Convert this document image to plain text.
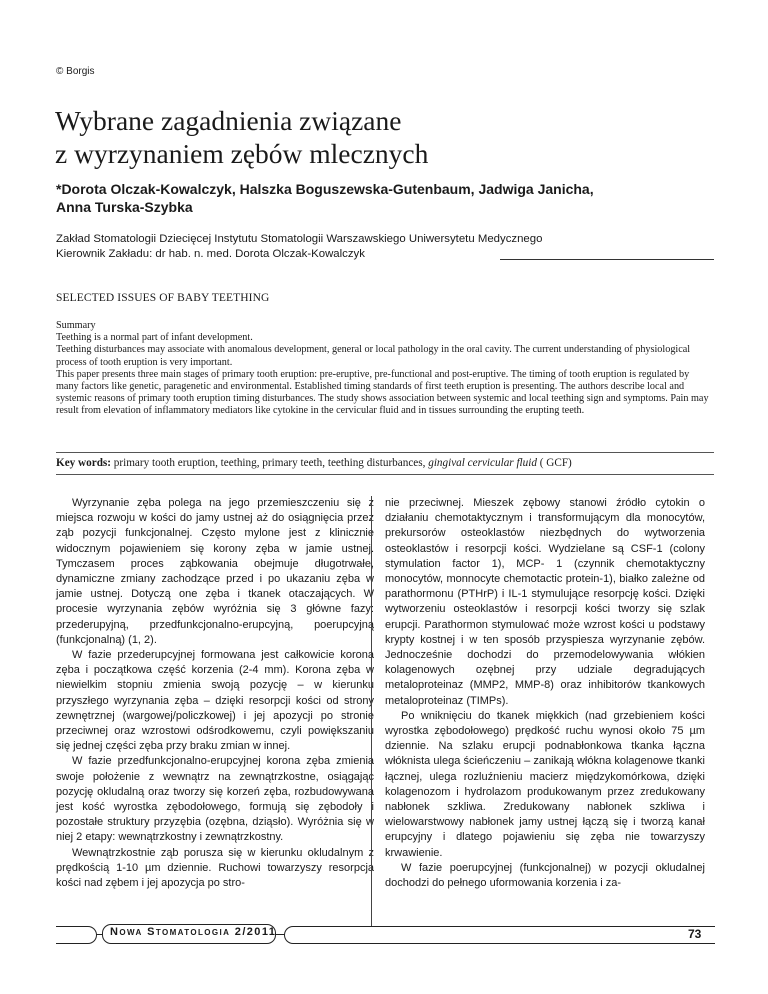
© Borgis
Wybrane zagadnienia związane
z wyrzynaniem zębów mlecznych
*Dorota Olczak-Kowalczyk, Halszka Boguszewska-Gutenbaum, Jadwiga Janicha,
Anna Turska-Szybka
Zakład Stomatologii Dziecięcej Instytutu Stomatologii Warszawskiego Uniwersytetu Medycznego
Kierownik Zakładu: dr hab. n. med. Dorota Olczak-Kowalczyk
SELECTED ISSUES OF BABY TEETHING

Summary

Teething is a normal part of infant development.

Teething disturbances may associate with anomalous development, general or local pathology in the oral cavity. The current understanding of physiological process of tooth eruption is very important.

This paper presents three main stages of primary tooth eruption: pre-eruptive, pre-functional and post-eruptive. The timing of tooth eruption is regulated by many factors like genetic, paragenetic and environmental. Established timing standards of first teeth eruption is presenting. The authors describe local and systemic reasons of primary tooth eruption timing disturbances. The study shows association between systemic and local teething sign and symptoms. Pain may result from elevation of inflammatory mediators like cytokine in the cervicular fluid and in tissues surrounding the erupting teeth.

Key words: primary tooth eruption, teething, primary teeth, teething disturbances, gingival cervicular fluid ( GCF)

Wyrzynanie zęba polega na jego przemieszczeniu się z miejsca rozwoju w kości do jamy ustnej aż do osiągnięcia przez ząb pozycji funkcjonalnej. Często mylone jest z klinicznie widocznym pojawieniem się korony zęba w jamie ustnej. Tymczasem proces ząbkowania obejmuje długotrwałe, dynamiczne zmiany zachodzące przed i po ukazaniu zęba w jamie ustnej. Dotyczą one zęba i tkanek otaczających. W procesie wyrzynania zębów wyróżnia się 3 główne fazy: przederupyjną, przedfunkcjonalno-erupcyjną, poerupcyjną (funkcjonalną) (1, 2).

W fazie przederupcyjnej formowana jest całkowicie korona zęba i początkowa część korzenia (2-4 mm). Korona zęba w niewielkim stopniu zmienia swoją pozycję – w kierunku przyszłego wyrzynania zęba – dzięki resorpcji kości od strony zewnętrznej (wargowej/policzkowej) i jej apozycji po stronie przeciwnej oraz wzrostowi odśrodkowemu, czyli powiększaniu się jednej części zęba przy braku zmian w innej.

W fazie przedfunkcjonalno-erupcyjnej korona zęba zmienia swoje położenie z wewnątrz na zewnątrzkostne, osiągając pozycję okludalną oraz tworzy się korzeń zęba, rozbudowywana jest kość wyrostka zębodołowego, formują się zębodoły i pozostałe struktury przyzębia (ozębna, dziąsło). Wyróżnia się w niej 2 etapy: wewnątrzkostny i zewnątrzkostny.

Wewnątrzkostnie ząb porusza się w kierunku okludalnym z prędkością 1-10 µm dziennie. Ruchowi towarzyszy resorpcja kości nad zębem i jej apozycja po stro-

nie przeciwnej. Mieszek zębowy stanowi źródło cytokin o działaniu chemotaktycznym i transformującym dla monocytów, prekursorów osteoklastów niezbędnych do wytworzenia osteoklastów i resorpcji kości. Wydzielane są CSF-1 (colony stymulation factor 1), MCP- 1 (czynnik chemotaktyczny monocytów, monnocyte chemotactic protein-1), białko zależne od parathormonu (PTHrP) i IL-1 stymulujące resorpcję kości. Dzięki wytworzeniu osteoklastów i resorpcji kości tworzy się szlak erupcji. Parathormon stymulować może wzrost kości u podstawy krypty kostnej i w ten sposób przyspiesza wyrzynanie zębów. Jednocześnie dochodzi do przemodelowywania włókien kolagenowych ozębnej przy udziale degradujących metaloproteinaz (MMP2, MMP-8) oraz inhibitorów tkankowych metaloproteinaz (TIMPs).

Po wniknięciu do tkanek miękkich (nad grzebieniem kości wyrostka zębodołowego) prędkość ruchu wynosi około 75 µm dziennie. Na szlaku erupcji podnabłonkowa tkanka łączna włóknista ulega ścieńczeniu – zanikają włókna kolagenowe tkanki łącznej, ulega rozluźnieniu macierz międzykomórkowa, dzięki kolagenozom i hydrolazom produkowanym przez zredukowany nabłonek szkliwa. Zredukowany nabłonek szkliwa i wielowarstwowy nabłonek jamy ustnej łączą się i tworzą kanał erupcyjny i dlatego pojawieniu się zęba nie towarzyszy krwawienie.

W fazie poerupcyjnej (funkcjonalnej) w pozycji okludalnej dochodzi do pełnego uformowania korzenia i za-

Nowa Stomatologia 2/2011	73
